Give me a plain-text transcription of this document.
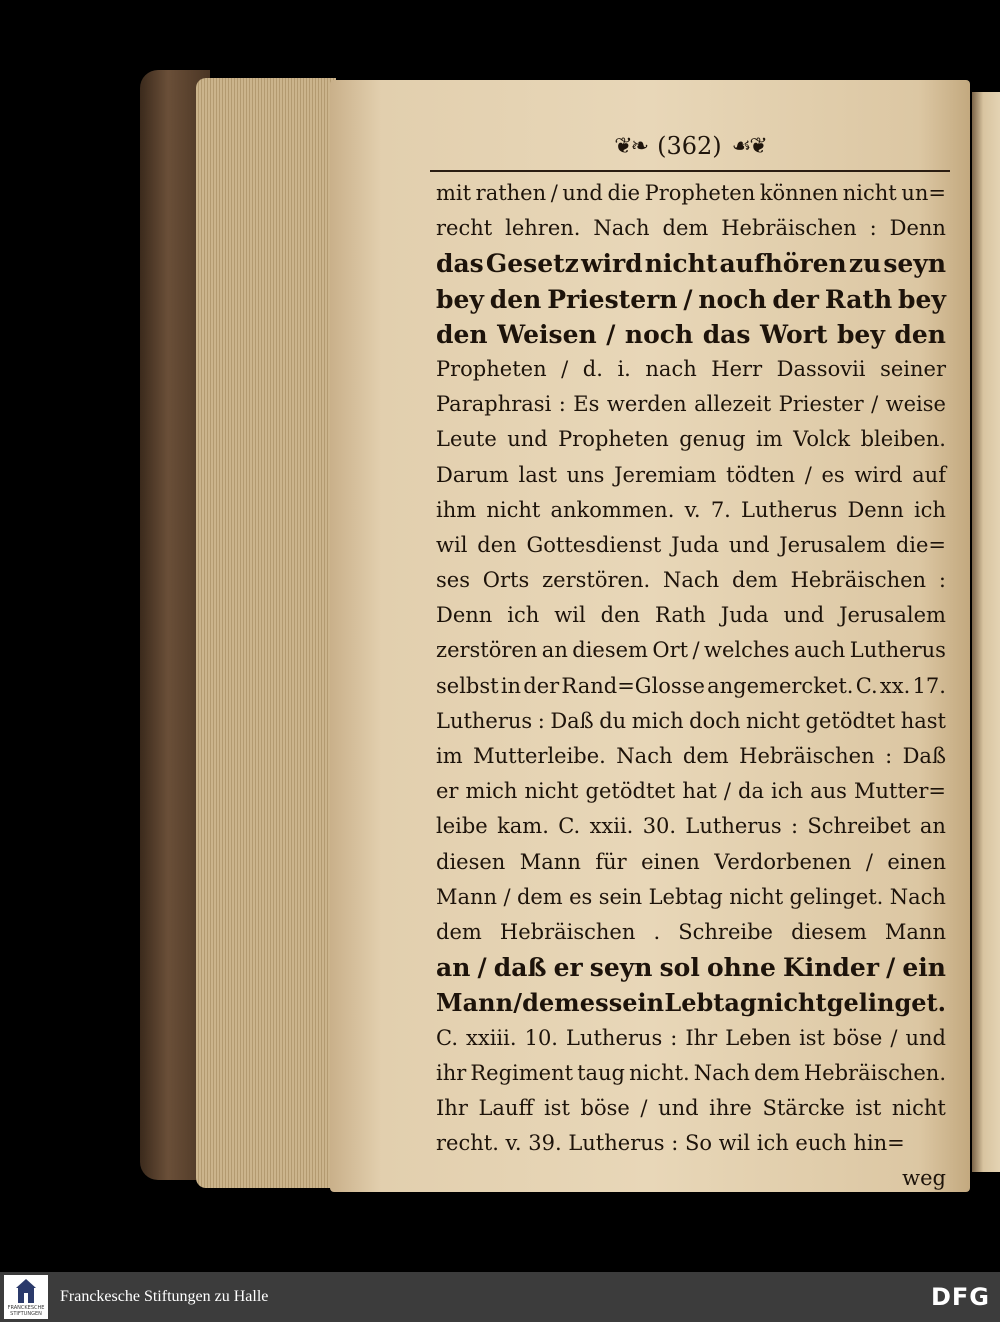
❦❧ (362) ☙❦
mit rathen / und die Propheten können nicht un=
recht lehren. Nach dem Hebräischen : Denn
das Gesetz wird nicht aufhören zu seyn
bey den Priestern / noch der Rath bey
den Weisen / noch das Wort bey den
Propheten / d. i. nach Herr Dassovii seiner
Paraphrasi : Es werden allezeit Priester / weise
Leute und Propheten genug im Volck bleiben.
Darum last uns Jeremiam tödten / es wird auf
ihm nicht ankommen. v. 7. Lutherus Denn ich
wil den Gottesdienst Juda und Jerusalem die=
ses Orts zerstören. Nach dem Hebräischen :
Denn ich wil den Rath Juda und Jerusalem
zerstören an diesem Ort / welches auch Lutherus
selbst in der Rand=Glosse angemercket. C. xx. 17.
Lutherus : Daß du mich doch nicht getödtet hast
im Mutterleibe. Nach dem Hebräischen : Daß
er mich nicht getödtet hat / da ich aus Mutter=
leibe kam. C. xxii. 30. Lutherus : Schreibet an
diesen Mann für einen Verdorbenen / einen
Mann / dem es sein Lebtag nicht gelinget. Nach
dem Hebräischen . Schreibe diesem Mann
an / daß er seyn sol ohne Kinder / ein
Mann / dem es sein Lebtag nicht gelinget.
C. xxiii. 10. Lutherus : Ihr Leben ist böse / und
ihr Regiment taug nicht. Nach dem Hebräischen.
Ihr Lauff ist böse / und ihre Stärcke ist nicht
recht. v. 39. Lutherus : So wil ich euch hin=
weg
FRANCKESCHE STIFTUNGEN
Franckesche Stiftungen zu Halle	DFG
